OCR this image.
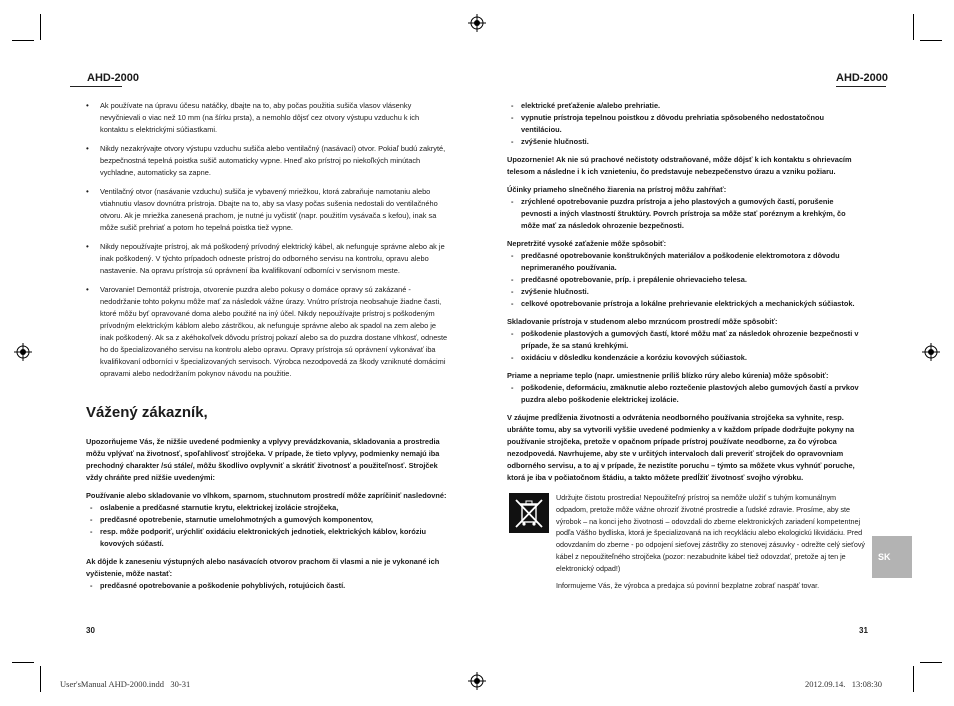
AHD-2000	AHD-2000
• Ak používate na úpravu účesu natáčky, dbajte na to, aby počas použitia sušiča vlasov vlásenky nevyčnievali o viac než 10 mm (na šírku prsta), a nemohlo dôjsť cez otvory výstupu vzduchu k ich kontaktu s elektrickými súčiastkami.
• Nikdy nezakrývajte otvory výstupu vzduchu sušiča alebo ventilačný (nasávací) otvor. Pokiaľ budú zakryté, bezpečnostná tepelná poistka sušič automaticky vypne. Hneď ako prístroj po niekoľkých minútach vychladne, automaticky sa zapne.
• Ventilačný otvor (nasávanie vzduchu) sušiča je vybavený mriežkou, ktorá zabraňuje namotaniu alebo vtiahnutiu vlasov dovnútra prístroja. Dbajte na to, aby sa vlasy počas sušenia nedostali do ventilačného otvoru. Ak je mriežka zanesená prachom, je nutné ju vyčistiť (napr. použitím vysávača s kefou), inak sa môže sušič prehriať a potom ho tepelná poistka tiež vypne.
• Nikdy nepoužívajte prístroj, ak má poškodený prívodný elektrický kábel, ak nefunguje správne alebo ak je inak poškodený. V týchto prípadoch odneste prístroj do odborného servisu na kontrolu, opravu alebo nastavenie. Na opravu prístroja sú oprávnení iba kvalifikovaní odborníci v servisnom meste.
• Varovanie! Demontáž prístroja, otvorenie puzdra alebo pokusy o domáce opravy sú zakázané - nedodržanie tohto pokynu môže mať za následok vážne úrazy. Vnútro prístroja neobsahuje žiadne časti, ktoré môžu byť opravované doma alebo použité na iný účel. Nikdy nepoužívajte prístroj s poškodeným prívodným elektrickým káblom alebo zástrčkou, ak nefunguje správne alebo ak spadol na zem alebo je inak poškodený. Ak sa z akéhokoľvek dôvodu prístroj pokazí alebo sa do puzdra dostane vlhkosť, odneste ho do špecializovaného servisu na kontrolu alebo opravu. Opravy prístroja sú oprávnení vykonávať iba kvalifikovaní odborníci v špecializovaných servisoch. Výrobca nezodpovedá za škody vzniknuté domácimi opravami alebo nedodržaním pokynov návodu na použitie.
Vážený zákazník,

Upozorňujeme Vás, že nižšie uvedené podmienky a vplyvy prevádzkovania, skladovania a prostredia môžu vplývať na životnosť, spoľahlivosť strojčeka. V prípade, že tieto vplyvy, podmienky nemajú iba prechodný charakter /sú stále/, môžu škodlivo ovplyvniť a skrátiť životnosť a použiteľnosť. Strojček vždy chráňte pred nižšie uvedenými:

Používanie alebo skladovanie vo vlhkom, sparnom, stuchnutom prostredí môže zapríčiniť nasledovné:

- oslabenie a predčasné starnutie krytu, elektrickej izolácie strojčeka,
- predčasné opotrebenie, starnutie umelohmotných a gumových komponentov,
- resp. môže podporiť, urýchliť oxidáciu elektronických jednotiek, elektrických káblov, koróziu kovových súčastí.

Ak dôjde k zaneseniu výstupných alebo nasávacích otvorov prachom či vlasmi a nie je vykonané ich vyčistenie, môže nastať:

- predčasné opotrebovanie a poškodenie pohyblivých, rotujúcich častí.
30
- elektrické preťaženie a/alebo prehriatie.
- vypnutie prístroja tepelnou poistkou z dôvodu prehriatia spôsobeného nedostatočnou ventiláciou.
- zvýšenie hlučnosti.

Upozornenie! Ak nie sú prachové nečistoty odstraňované, môže dôjsť k ich kontaktu s ohrievacím telesom a následne i k ich vznieteniu, čo predstavuje nebezpečenstvo úrazu a vzniku požiaru.

Účinky priameho slnečného žiarenia na prístroj môžu zahŕňať:

- zrýchlené opotrebovanie puzdra prístroja a jeho plastových a gumových častí, porušenie pevnosti a iných vlastností štruktúry. Povrch prístroja sa môže stať poréznym a krehkým, čo môže mať za následok ohrozenie bezpečnosti.

Nepretržité vysoké zaťaženie môže spôsobiť:

- predčasné opotrebovanie konštrukčných materiálov a poškodenie elektromotora z dôvodu neprimeraného používania.
- predčasné opotrebovanie, príp. i prepálenie ohrievacieho telesa.
- zvýšenie hlučnosti.
- celkové opotrebovanie prístroja a lokálne prehrievanie elektrických a mechanických súčiastok.

Skladovanie prístroja v studenom alebo mrznúcom prostredí môže spôsobiť:

- poškodenie plastových a gumových častí, ktoré môžu mať za následok ohrozenie bezpečnosti v prípade, že sa stanú krehkými.
- oxidáciu v dôsledku kondenzácie a koróziu kovových súčiastok.

Priame a nepriame teplo (napr. umiestnenie príliš blízko rúry alebo kúrenia) môže spôsobiť:

- poškodenie, deformáciu, zmäknutie alebo roztečenie plastových alebo gumových častí a prvkov puzdra alebo poškodenie elektrickej izolácie.

V záujme predĺženia životnosti a odvrátenia neodborného používania strojčeka sa vyhnite, resp. ubráňte tomu, aby sa vytvorili vyššie uvedené podmienky a v každom prípade dodržujte pokyny na používanie strojčeka, pretože v opačnom prípade prístroj používate neodborne, za čo výrobca nezodpovedá. Navrhujeme, aby ste v určitých intervaloch dali preveriť strojček do opravovniam odborného servisu, a to aj v prípade, že nezistíte poruchu – týmto sa môžete vkus vyhnúť poruche, ktorá je iba v počiatočnom štádiu, a takto môžete predĺžiť životnosť svojho výrobku.

Udržujte čistotu prostredia! Nepoužiteľný prístroj sa nemôže uložiť s tuhým komunálnym odpadom, pretože môže vážne ohroziť životné prostredie a ľudské zdravie. Prosíme, aby ste výrobok – na konci jeho životnosti – odovzdali do zberne elektronických zariadení kompetentnej podľa Vášho bydliska, ktorá je špecializovaná na ich recykláciu alebo ekologickú likvidáciu. Pred odovzdaním do zberne - po odpojení sieťovej zástrčky zo stenovej zásuvky - odrežte celý sieťový kábel z nepoužiteľného strojčeka (pozor: nezabudnite kábel tiež odovzdať, pretože aj ten je elektronický odpad!)

Informujeme Vás, že výrobca a predajca sú povinní bezplatne zobrať naspäť tovar.

SK
31
User'sManual AHD-2000.indd   30-31	2012.09.14.   13:08:30
